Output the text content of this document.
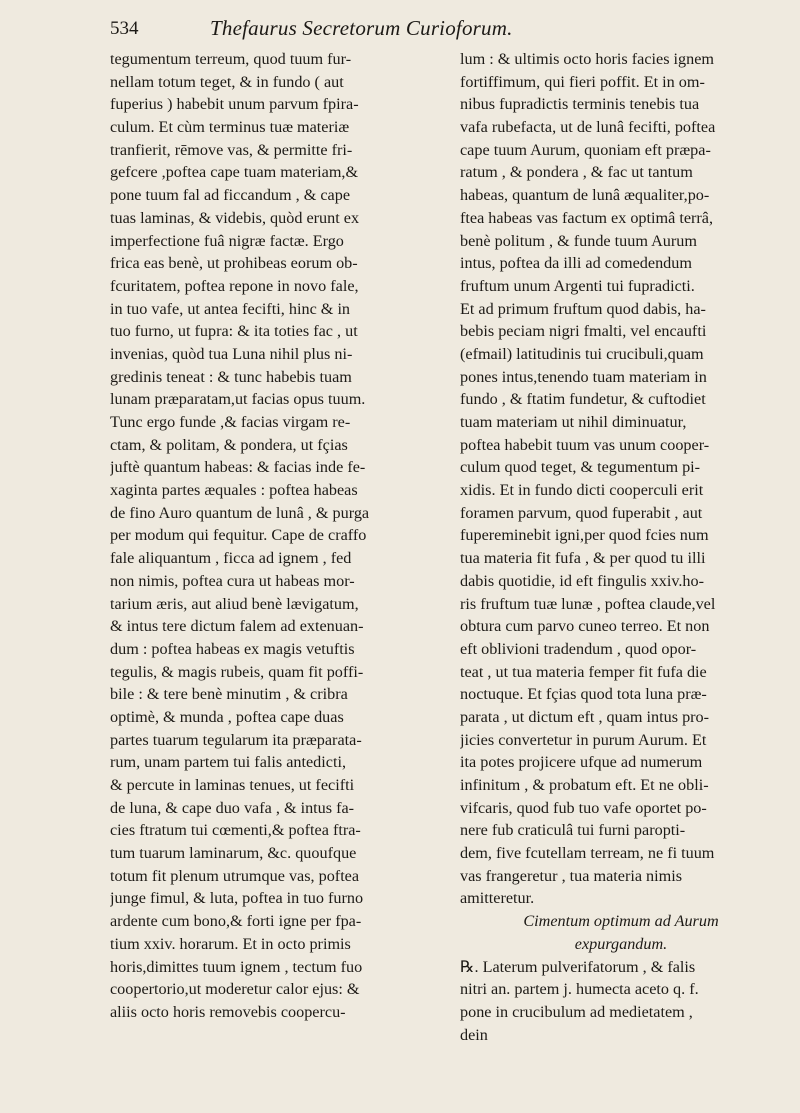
534	Thefaurus Secretorum Curioforum.
tegumentum terreum, quod tuum fur-
nellam totum teget, & in fundo ( aut
fuperius ) habebit unum parvum fpira-
culum. Et cùm terminus tuæ materiæ
tranfierit, rēmove vas, & permitte fri-
gefcere ,poftea cape tuam materiam,&
pone tuum fal ad ficcandum , & cape
tuas laminas, & videbis, quòd erunt ex
imperfectione fuâ nigræ factæ. Ergo
frica eas benè, ut prohibeas eorum ob-
fcuritatem, poftea repone in novo fale,
in tuo vafe, ut antea fecifti, hinc & in
tuo furno, ut fupra: & ita toties fac , ut
invenias, quòd tua Luna nihil plus ni-
gredinis teneat : & tunc habebis tuam
lunam præparatam,ut facias opus tuum.
Tunc ergo funde ,& facias virgam re-
ctam, & politam, & pondera, ut fçias
juftè quantum habeas: & facias inde fe-
xaginta partes æquales : poftea habeas
de fino Auro quantum de lunâ , & purga
per modum qui fequitur. Cape de craffo
fale aliquantum , ficca ad ignem , fed
non nimis, poftea cura ut habeas mor-
tarium æris, aut aliud benè lævigatum,
& intus tere dictum falem ad extenuan-
dum : poftea habeas ex magis vetuftis
tegulis, & magis rubeis, quam fit poffi-
bile : & tere benè minutim , & cribra
optimè, & munda , poftea cape duas
partes tuarum tegularum ita præparata-
rum, unam partem tui falis antedicti,
& percute in laminas tenues, ut fecifti
de luna, & cape duo vafa , & intus fa-
cies ftratum tui cœmenti,& poftea ftra-
tum tuarum laminarum, &c. quoufque
totum fit plenum utrumque vas, poftea
junge fimul, & luta, poftea in tuo furno
ardente cum bono,& forti igne per fpa-
tium xxiv. horarum. Et in octo primis
horis,dimittes tuum ignem , tectum fuo
coopertorio,ut moderetur calor ejus: &
aliis octo horis removebis coopercu-
lum : & ultimis octo horis facies ignem
fortiffimum, qui fieri poffit. Et in om-
nibus fupradictis terminis tenebis tua
vafa rubefacta, ut de lunâ fecifti, poftea
cape tuum Aurum, quoniam eft præpa-
ratum , & pondera , & fac ut tantum
habeas, quantum de lunâ æqualiter,po-
ftea habeas vas factum ex optimâ terrâ,
benè politum , & funde tuum Aurum
intus, poftea da illi ad comedendum
fruftum unum Argenti tui fupradicti.
Et ad primum fruftum quod dabis, ha-
bebis peciam nigri fmalti, vel encaufti
(efmail) latitudinis tui crucibuli,quam
pones intus,tenendo tuam materiam in
fundo , & ftatim fundetur, & cuftodiet
tuam materiam ut nihil diminuatur,
poftea habebit tuum vas unum cooper-
culum quod teget, & tegumentum pi-
xidis. Et in fundo dicti cooperculi erit
foramen parvum, quod fuperabit , aut
fupereminebit igni,per quod fcies num
tua materia fit fufa , & per quod tu illi
dabis quotidie, id eft fingulis xxiv.ho-
ris fruftum tuæ lunæ , poftea claude,vel
obtura cum parvo cuneo terreo. Et non
eft oblivioni tradendum , quod opor-
teat , ut tua materia femper fit fufa die
noctuque. Et fçias quod tota luna præ-
parata , ut dictum eft , quam intus pro-
jicies convertetur in purum Aurum. Et
ita potes projicere ufque ad numerum
infinitum , & probatum eft. Et ne obli-
vifcaris, quod fub tuo vafe oportet po-
nere fub craticulâ tui furni paropti-
dem, five fcutellam terream, ne fi tuum
vas frangeretur , tua materia nimis
amitteretur.
Cimentum optimum ad Aurum
expurgandum.
℞. Laterum pulverifatorum , & falis
nitri an. partem j. humecta aceto q. f.
pone in crucibulum ad medietatem ,
dein
